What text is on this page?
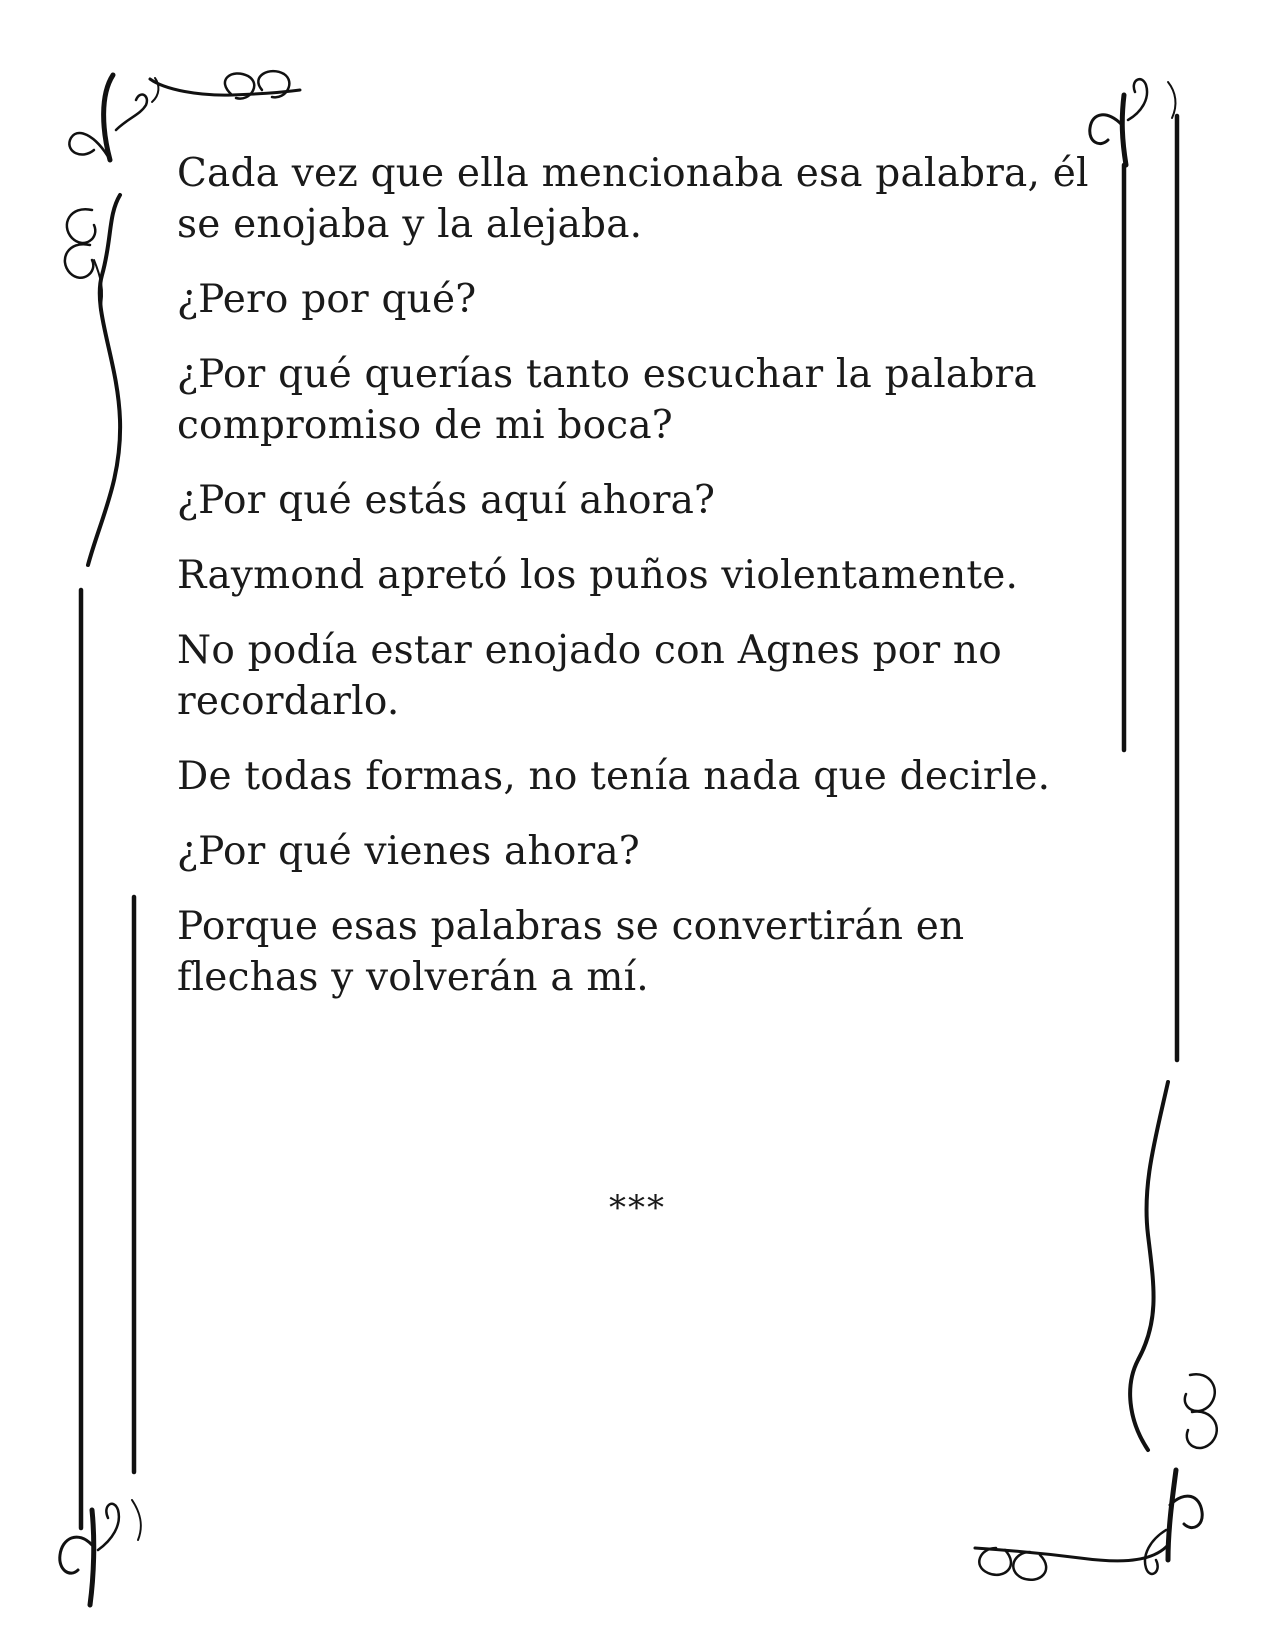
Cada vez que ella mencionaba esa palabra, él se enojaba y la alejaba.

¿Pero por qué?

¿Por qué querías tanto escuchar la palabra compromiso de mi boca?

¿Por qué estás aquí ahora?

Raymond apretó los puños violentamente.

No podía estar enojado con Agnes por no recordarlo.

De todas formas, no tenía nada que decirle.

¿Por qué vienes ahora?

Porque esas palabras se convertirán en flechas y volverán a mí.

***
